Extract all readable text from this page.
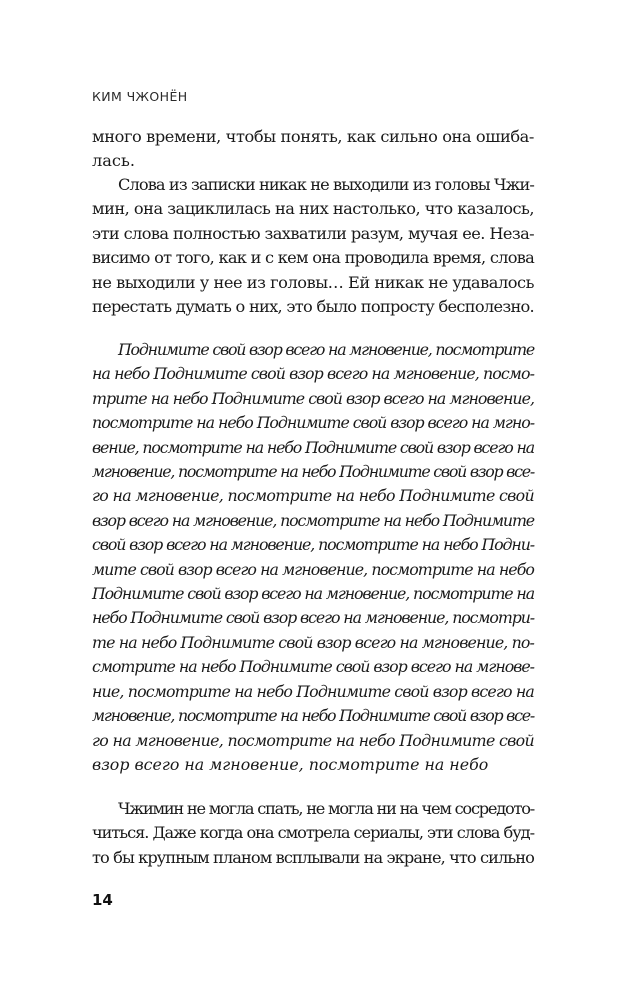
КИМ ЧЖОНЁН
много времени, чтобы понять, как сильно она ошиба-
лась.
Слова из записки никак не выходили из головы Чжи-
мин, она зациклилась на них настолько, что казалось,
эти слова полностью захватили разум, мучая ее. Неза-
висимо от того, как и с кем она проводила время, слова
не выходили у нее из головы… Ей никак не удавалось
перестать думать о них, это было попросту бесполезно.
Поднимите свой взор всего на мгновение, посмотрите
на небо Поднимите свой взор всего на мгновение, посмо-
трите на небо Поднимите свой взор всего на мгновение,
посмотрите на небо Поднимите свой взор всего на мгно-
вение, посмотрите на небо Поднимите свой взор всего на
мгновение, посмотрите на небо Поднимите свой взор все-
го на мгновение, посмотрите на небо Поднимите свой
взор всего на мгновение, посмотрите на небо Поднимите
свой взор всего на мгновение, посмотрите на небо Подни-
мите свой взор всего на мгновение, посмотрите на небо
Поднимите свой взор всего на мгновение, посмотрите на
небо Поднимите свой взор всего на мгновение, посмотри-
те на небо Поднимите свой взор всего на мгновение, по-
смотрите на небо Поднимите свой взор всего на мгнове-
ние, посмотрите на небо Поднимите свой взор всего на
мгновение, посмотрите на небо Поднимите свой взор все-
го на мгновение, посмотрите на небо Поднимите свой
взор всего на мгновение, посмотрите на небо
Чжимин не могла спать, не могла ни на чем сосредото-
читься. Даже когда она смотрела сериалы, эти слова буд-
то бы крупным планом всплывали на экране, что сильно
14
